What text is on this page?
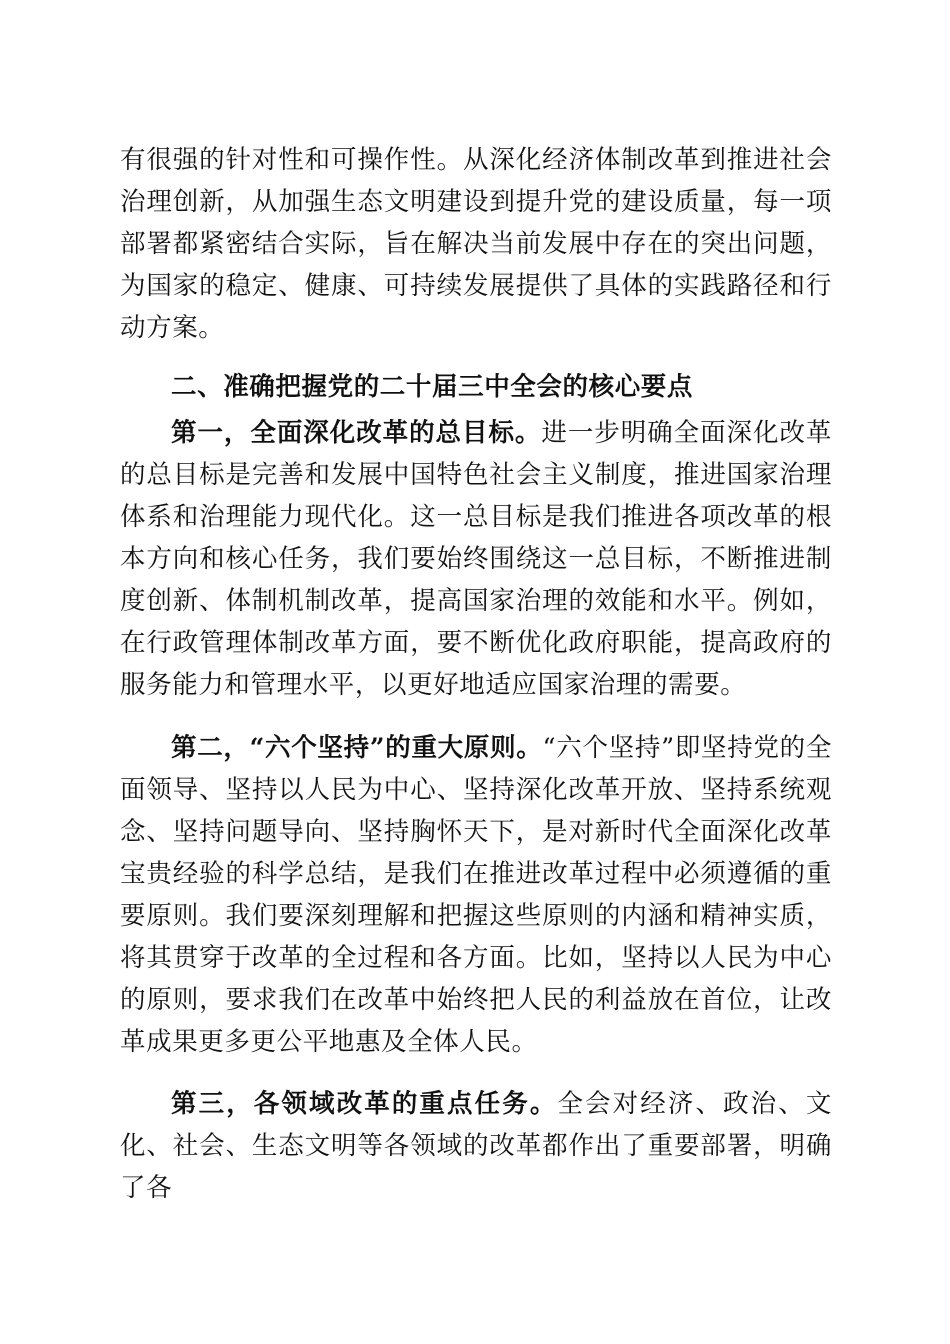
有很强的针对性和可操作性。从深化经济体制改革到推进社会治理创新，从加强生态文明建设到提升党的建设质量，每一项部署都紧密结合实际，旨在解决当前发展中存在的突出问题，为国家的稳定、健康、可持续发展提供了具体的实践路径和行动方案。

二、准确把握党的二十届三中全会的核心要点

第一，全面深化改革的总目标。进一步明确全面深化改革的总目标是完善和发展中国特色社会主义制度，推进国家治理体系和治理能力现代化。这一总目标是我们推进各项改革的根本方向和核心任务，我们要始终围绕这一总目标，不断推进制度创新、体制机制改革，提高国家治理的效能和水平。例如，在行政管理体制改革方面，要不断优化政府职能，提高政府的服务能力和管理水平，以更好地适应国家治理的需要。

第二，“六个坚持”的重大原则。“六个坚持”即坚持党的全面领导、坚持以人民为中心、坚持深化改革开放、坚持系统观念、坚持问题导向、坚持胸怀天下，是对新时代全面深化改革宝贵经验的科学总结，是我们在推进改革过程中必须遵循的重要原则。我们要深刻理解和把握这些原则的内涵和精神实质，将其贯穿于改革的全过程和各方面。比如，坚持以人民为中心的原则，要求我们在改革中始终把人民的利益放在首位，让改革成果更多更公平地惠及全体人民。

第三，各领域改革的重点任务。全会对经济、政治、文化、社会、生态文明等各领域的改革都作出了重要部署，明确了各
